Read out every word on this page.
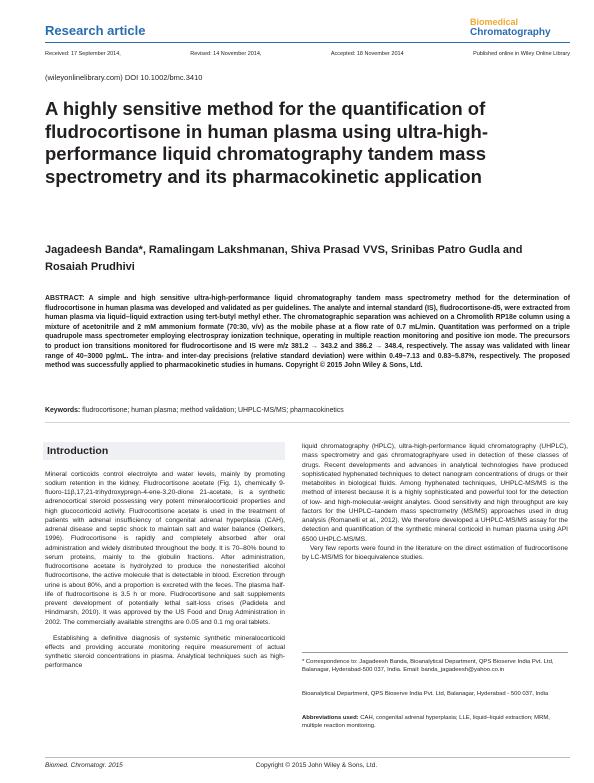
Research article
Biomedical
Chromatography
Received: 17 September 2014,	Revised: 14 November 2014,	Accepted: 18 November 2014	Published online in Wiley Online Library
(wileyonlinelibrary.com) DOI 10.1002/bmc.3410
A highly sensitive method for the quantification of fludrocortisone in human plasma using ultra-high-performance liquid chromatography tandem mass spectrometry and its pharmacokinetic application
Jagadeesh Banda*, Ramalingam Lakshmanan, Shiva Prasad VVS, Srinibas Patro Gudla and Rosaiah Prudhivi
ABSTRACT: A simple and high sensitive ultra-high-performance liquid chromatography tandem mass spectrometry method for the determination of fludrocortisone in human plasma was developed and validated as per guidelines. The analyte and internal standard (IS), fludrocortisone-d5, were extracted from human plasma via liquid–liquid extraction using tert-butyl methyl ether. The chromatographic separation was achieved on a Chromolith RP18e column using a mixture of acetonitrile and 2 mM ammonium formate (70:30, v/v) as the mobile phase at a flow rate of 0.7 mL/min. Quantitation was performed on a triple quadrupole mass spectrometer employing electrospray ionization technique, operating in multiple reaction monitoring and positive ion mode. The precursors to product ion transitions monitored for fludrocortisone and IS were m/z 381.2 → 343.2 and 386.2 → 348.4, respectively. The assay was validated with linear range of 40–3000 pg/mL. The intra- and inter-day precisions (relative standard deviation) were within 0.49–7.13 and 0.83–5.87%, respectively. The proposed method was successfully applied to pharmacokinetic studies in humans. Copyright © 2015 John Wiley & Sons, Ltd.
Keywords: fludrocortisone; human plasma; method validation; UHPLC-MS/MS; pharmacokinetics
Introduction

Mineral corticoids control electrolyte and water levels, mainly by promoting sodium retention in the kidney. Fludrocortisone acetate (Fig. 1), chemically 9-fluoro-11β,17,21-trihydroxypregn-4-ene-3,20-dione 21-acetate, is a synthetic adrenocortical steroid possessing very potent mineralocorticoid properties and high glucocorticoid activity. Fludrocortisone acetate is used in the treatment of patients with adrenal insufficiency of congenital adrenal hyperplasia (CAH), adrenal disease and septic shock to maintain salt and water balance (Oelkers, 1996). Fludrocortisone is rapidly and completely absorbed after oral administration and widely distributed throughout the body. It is 70–80% bound to serum proteins, mainly to the globulin fractions. After administration, fludrocortisone acetate is hydrolyzed to produce the nonesterified alcohol fludrocortisone, the active molecule that is detectable in blood. Excretion through urine is about 80%, and a proportion is excreted with the feces. The plasma half-life of fludrocortisone is 3.5 h or more. Fludrocortisone and salt supplements prevent development of potentially lethal salt-loss crises (Padidela and Hindmarsh, 2010). It was approved by the US Food and Drug Administration in 2002. The commercially available strengths are 0.05 and 0.1 mg oral tablets.

Establishing a definitive diagnosis of systemic synthetic mineralocorticoid effects and providing accurate monitoring require measurement of actual synthetic steroid concentrations in plasma. Analytical techniques such as high-performance

liquid chromatography (HPLC), ultra-high-performance liquid chromatography (UHPLC), mass spectrometry and gas chromatographyare used in detection of these classes of drugs. Recent developments and advances in analytical technologies have produced sophisticated hyphenated techniques to detect nanogram concentrations of drugs or their metabolites in biological fluids. Among hyphenated techniques, UHPLC-MS/MS is the method of interest because it is a highly sophisticated and powerful tool for the detection of low- and high-molecular-weight analytes. Good sensitivity and high throughput are key factors for the UHPLC–tandem mass spectrometry (MS/MS) approaches used in drug analysis (Romanelli et al., 2012). We therefore developed a UHPLC-MS/MS assay for the detection and quantification of the synthetic mineral corticoid in human plasma using API 6500 UHPLC-MS/MS.

Very few reports were found in the literature on the direct estimation of fludrocortisone by LC-MS/MS for bioequivalence studies.

* Correspondence to: Jagadeesh Banda, Bioanalytical Department, QPS Bioserve India Pvt. Ltd, Balanagar, Hyderabad-500 037, India. Email: banda_jagadeesh@yahoo.co.in
Bioanalytical Department, QPS Bioserve India Pvt. Ltd, Balanagar, Hyderabad - 500 037, India
Abbreviations used: CAH, congenital adrenal hyperplasia; LLE, liquid–liquid extraction; MRM, multiple reaction monitoring.
Biomed. Chromatogr. 2015	Copyright © 2015 John Wiley & Sons, Ltd.
